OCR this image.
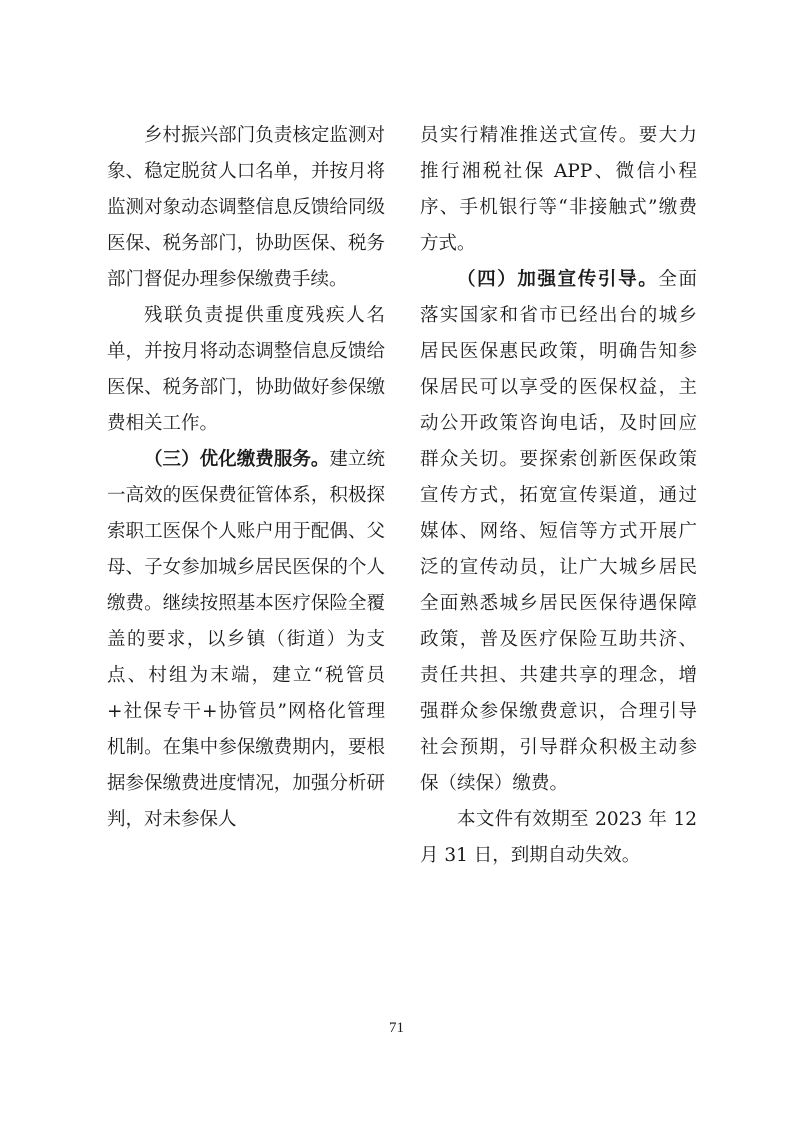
乡村振兴部门负责核定监测对象、稳定脱贫人口名单，并按月将监测对象动态调整信息反馈给同级医保、税务部门，协助医保、税务部门督促办理参保缴费手续。

残联负责提供重度残疾人名单，并按月将动态调整信息反馈给医保、税务部门，协助做好参保缴费相关工作。

（三）优化缴费服务。建立统一高效的医保费征管体系，积极探索职工医保个人账户用于配偶、父母、子女参加城乡居民医保的个人缴费。继续按照基本医疗保险全覆盖的要求，以乡镇（街道）为支点、村组为末端，建立“税管员+社保专干+协管员”网格化管理机制。在集中参保缴费期内，要根据参保缴费进度情况，加强分析研判，对未参保人

员实行精准推送式宣传。要大力推行湘税社保 APP、微信小程序、手机银行等“非接触式”缴费方式。

（四）加强宣传引导。全面落实国家和省市已经出台的城乡居民医保惠民政策，明确告知参保居民可以享受的医保权益，主动公开政策咨询电话，及时回应群众关切。要探索创新医保政策宣传方式，拓宽宣传渠道，通过媒体、网络、短信等方式开展广泛的宣传动员，让广大城乡居民全面熟悉城乡居民医保待遇保障政策，普及医疗保险互助共济、责任共担、共建共享的理念，增强群众参保缴费意识，合理引导社会预期，引导群众积极主动参保（续保）缴费。

本文件有效期至 2023 年 12 月 31 日，到期自动失效。

71
